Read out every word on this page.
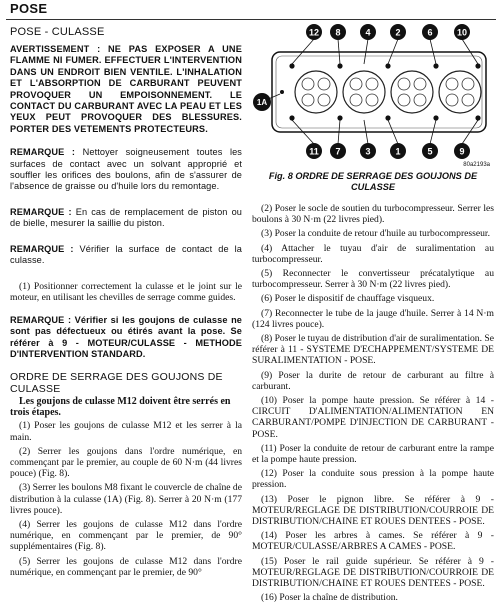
POSE
POSE - CULASSE

AVERTISSEMENT : NE PAS EXPOSER A UNE FLAMME NI FUMER. EFFECTUER L'INTERVENTION DANS UN ENDROIT BIEN VENTILE. L'INHALATION ET L'ABSORPTION DE CARBURANT PEUVENT PROVOQUER UN EMPOISONNEMENT. LE CONTACT DU CARBURANT AVEC LA PEAU ET LES YEUX PEUT PROVOQUER DES BLESSURES. PORTER DES VETEMENTS PROTECTEURS.

REMARQUE : Nettoyer soigneusement toutes les surfaces de contact avec un solvant approprié et souffler les orifices des boulons, afin de s'assurer de l'absence de graisse ou d'huile lors du remontage.

REMARQUE : En cas de remplacement de piston ou de bielle, mesurer la saillie du piston.

REMARQUE : Vérifier la surface de contact de la culasse.

(1) Positionner correctement la culasse et le joint sur le moteur, en utilisant les chevilles de serrage comme guides.

REMARQUE : Vérifier si les goujons de culasse ne sont pas défectueux ou étirés avant la pose. Se référer à 9 - MOTEUR/CULASSE - METHODE D'INTERVENTION STANDARD.

ORDRE DE SERRAGE DES GOUJONS DE CULASSE

Les goujons de culasse M12 doivent être serrés en trois étapes.

(1) Poser les goujons de culasse M12 et les serrer à la main.

(2) Serrer les goujons dans l'ordre numérique, en commençant par le premier, au couple de 60 N·m (44 livres pouce) (Fig. 8).

(3) Serrer les boulons M8 fixant le couvercle de chaîne de distribution à la culasse (1A) (Fig. 8). Serrer à 20 N·m (177 livres pouce).

(4) Serrer les goujons de culasse M12 dans l'ordre numérique, en commençant par le premier, de 90° supplémentaires (Fig. 8).

(5) Serrer les goujons de culasse M12 dans l'ordre numérique, en commençant par le premier, de 90°

12 8	4	2	6	10
11 7	3	1	5	9
1A
80a2193a
Fig. 8 ORDRE DE SERRAGE DES GOUJONS DE CULASSE

(2) Poser le socle de soutien du turbocompresseur. Serrer les boulons à 30 N·m (22 livres pied).

(3) Poser la conduite de retour d'huile au turbocompresseur.

(4) Attacher le tuyau d'air de suralimentation au turbocompresseur.

(5) Reconnecter le convertisseur précatalytique au turbocompresseur. Serrer à 30 N·m (22 livres pied).

(6) Poser le dispositif de chauffage visqueux.

(7) Reconnecter le tube de la jauge d'huile. Serrer à 14 N·m (124 livres pouce).

(8) Poser le tuyau de distribution d'air de suralimentation. Se référer à 11 - SYSTEME D'ECHAPPEMENT/SYSTEME DE SURALIMENTATION - POSE.

(9) Poser la durite de retour de carburant au filtre à carburant.

(10) Poser la pompe haute pression. Se référer à 14 - CIRCUIT D'ALIMENTATION/ALIMENTATION EN CARBURANT/POMPE D'INJECTION DE CARBURANT - POSE.

(11) Poser la conduite de retour de carburant entre la rampe et la pompe haute pression.

(12) Poser la conduite sous pression à la pompe haute pression.

(13) Poser le pignon libre. Se référer à 9 - MOTEUR/REGLAGE DE DISTRIBUTION/COURROIE DE DISTRIBUTION/CHAINE ET ROUES DENTEES - POSE.

(14) Poser les arbres à cames. Se référer à 9 - MOTEUR/CULASSE/ARBRES A CAMES - POSE.

(15) Poser le rail guide supérieur. Se référer à 9 - MOTEUR/REGLAGE DE DISTRIBUTION/COURROIE DE DISTRIBUTION/CHAINE ET ROUES DENTEES - POSE.

(16) Poser la chaîne de distribution.
